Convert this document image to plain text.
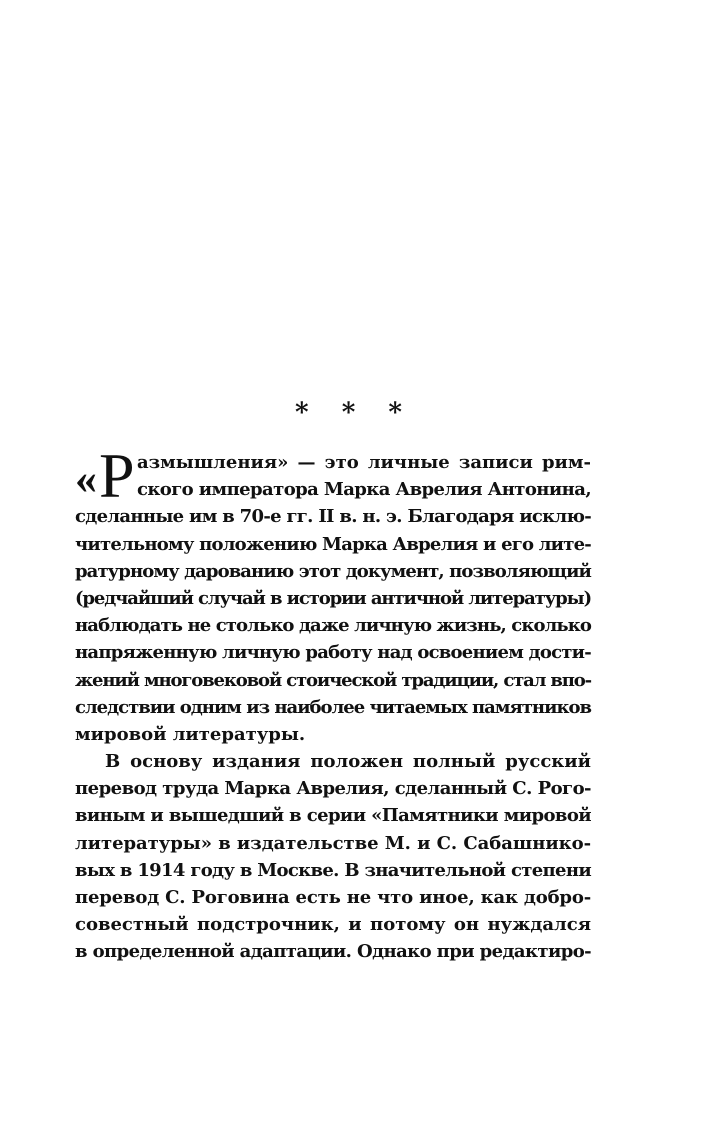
* * *
« Р азмышления» — это личные записи рим-
ского императора Марка Аврелия Антонина,
сделанные им в 70-е гг. II в. н. э. Благодаря исклю-
чительному положению Марка Аврелия и его лите-
ратурному дарованию этот документ, позволяющий
(редчайший случай в истории античной литературы)
наблюдать не столько даже личную жизнь, сколько
напряженную личную работу над освоением дости-
жений многовековой стоической традиции, стал впо-
следствии одним из наиболее читаемых памятников
мировой литературы.
В основу издания положен полный русский
перевод труда Марка Аврелия, сделанный С. Рого-
виным и вышедший в серии «Памятники мировой
литературы» в издательстве М. и С. Сабашнико-
вых в 1914 году в Москве. В значительной степени
перевод С. Роговина есть не что иное, как добро-
совестный подстрочник, и потому он нуждался
в определенной адаптации. Однако при редактиро-
